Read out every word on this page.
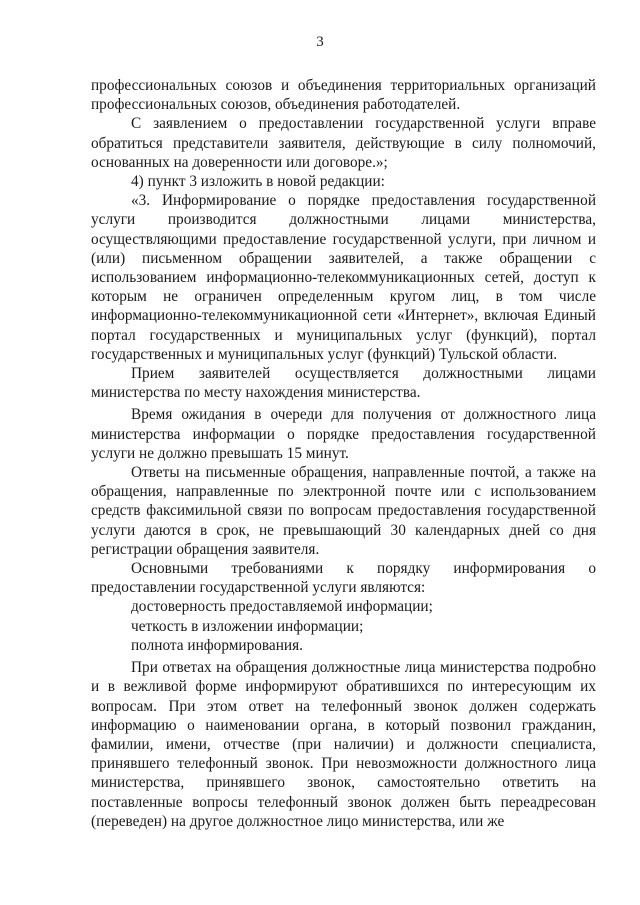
3

профессиональных союзов и объединения территориальных организаций профессиональных союзов, объединения работодателей.

С заявлением о предоставлении государственной услуги вправе обратиться представители заявителя, действующие в силу полномочий, основанных на доверенности или договоре.»;

4) пункт 3 изложить в новой редакции:

«3. Информирование о порядке предоставления государственной услуги производится должностными лицами министерства, осуществляющими предоставление государственной услуги, при личном и (или) письменном обращении заявителей, а также обращении с использованием информационно-телекоммуникационных сетей, доступ к которым не ограничен определенным кругом лиц, в том числе информационно-телекоммуникационной сети «Интернет», включая Единый портал государственных и муниципальных услуг (функций), портал государственных и муниципальных услуг (функций) Тульской области.

Прием заявителей осуществляется должностными лицами министерства по месту нахождения министерства.

Время ожидания в очереди для получения от должностного лица министерства информации о порядке предоставления государственной услуги не должно превышать 15 минут.

Ответы на письменные обращения, направленные почтой, а также на обращения, направленные по электронной почте или с использованием средств факсимильной связи по вопросам предоставления государственной услуги даются в срок, не превышающий 30 календарных дней со дня регистрации обращения заявителя.

Основными требованиями к порядку информирования о предоставлении государственной услуги являются:

достоверность предоставляемой информации;

четкость в изложении информации;

полнота информирования.

При ответах на обращения должностные лица министерства подробно и в вежливой форме информируют обратившихся по интересующим их вопросам. При этом ответ на телефонный звонок должен содержать информацию о наименовании органа, в который позвонил гражданин, фамилии, имени, отчестве (при наличии) и должности специалиста, принявшего телефонный звонок. При невозможности должностного лица министерства, принявшего звонок, самостоятельно ответить на поставленные вопросы телефонный звонок должен быть переадресован (переведен) на другое должностное лицо министерства, или же
